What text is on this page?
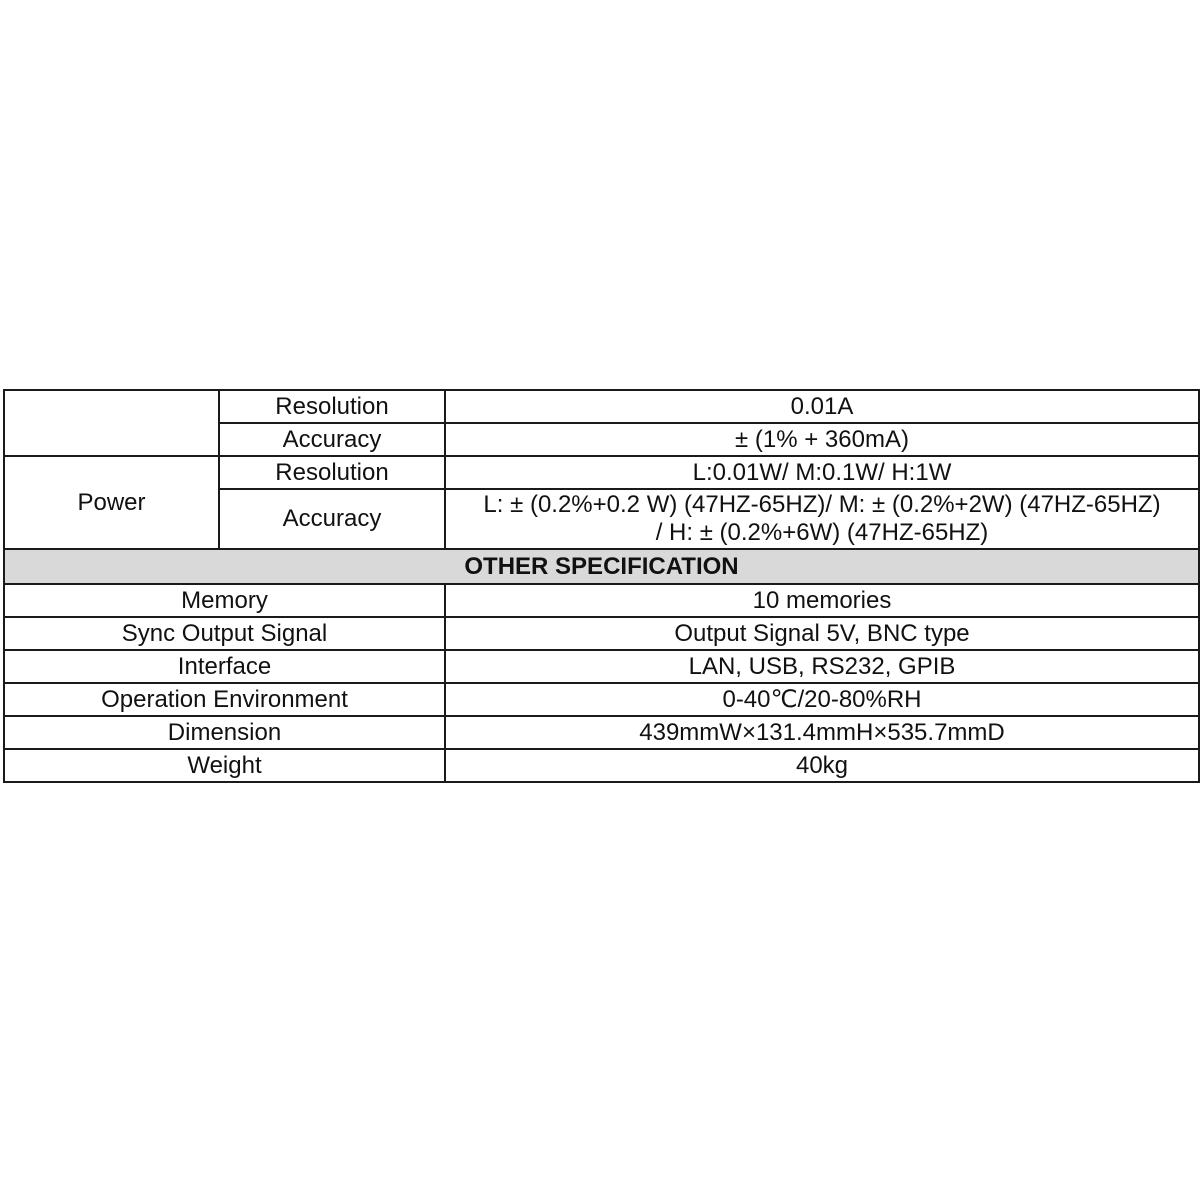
	Resolution	0.01A
	Accuracy	± (1% + 360mA)
Power	Resolution	L:0.01W/ M:0.1W/ H:1W
	Accuracy	L: ± (0.2%+0.2 W) (47HZ-65HZ)/ M: ± (0.2%+2W) (47HZ-65HZ)
/ H: ± (0.2%+6W) (47HZ-65HZ)

OTHER SPECIFICATION		
Memory		10 memories
Sync Output Signal		Output Signal 5V, BNC type
Interface		LAN, USB, RS232, GPIB
Operation Environment		0-40℃/20-80%RH
Dimension		439mmW×131.4mmH×535.7mmD
Weight		40kg
